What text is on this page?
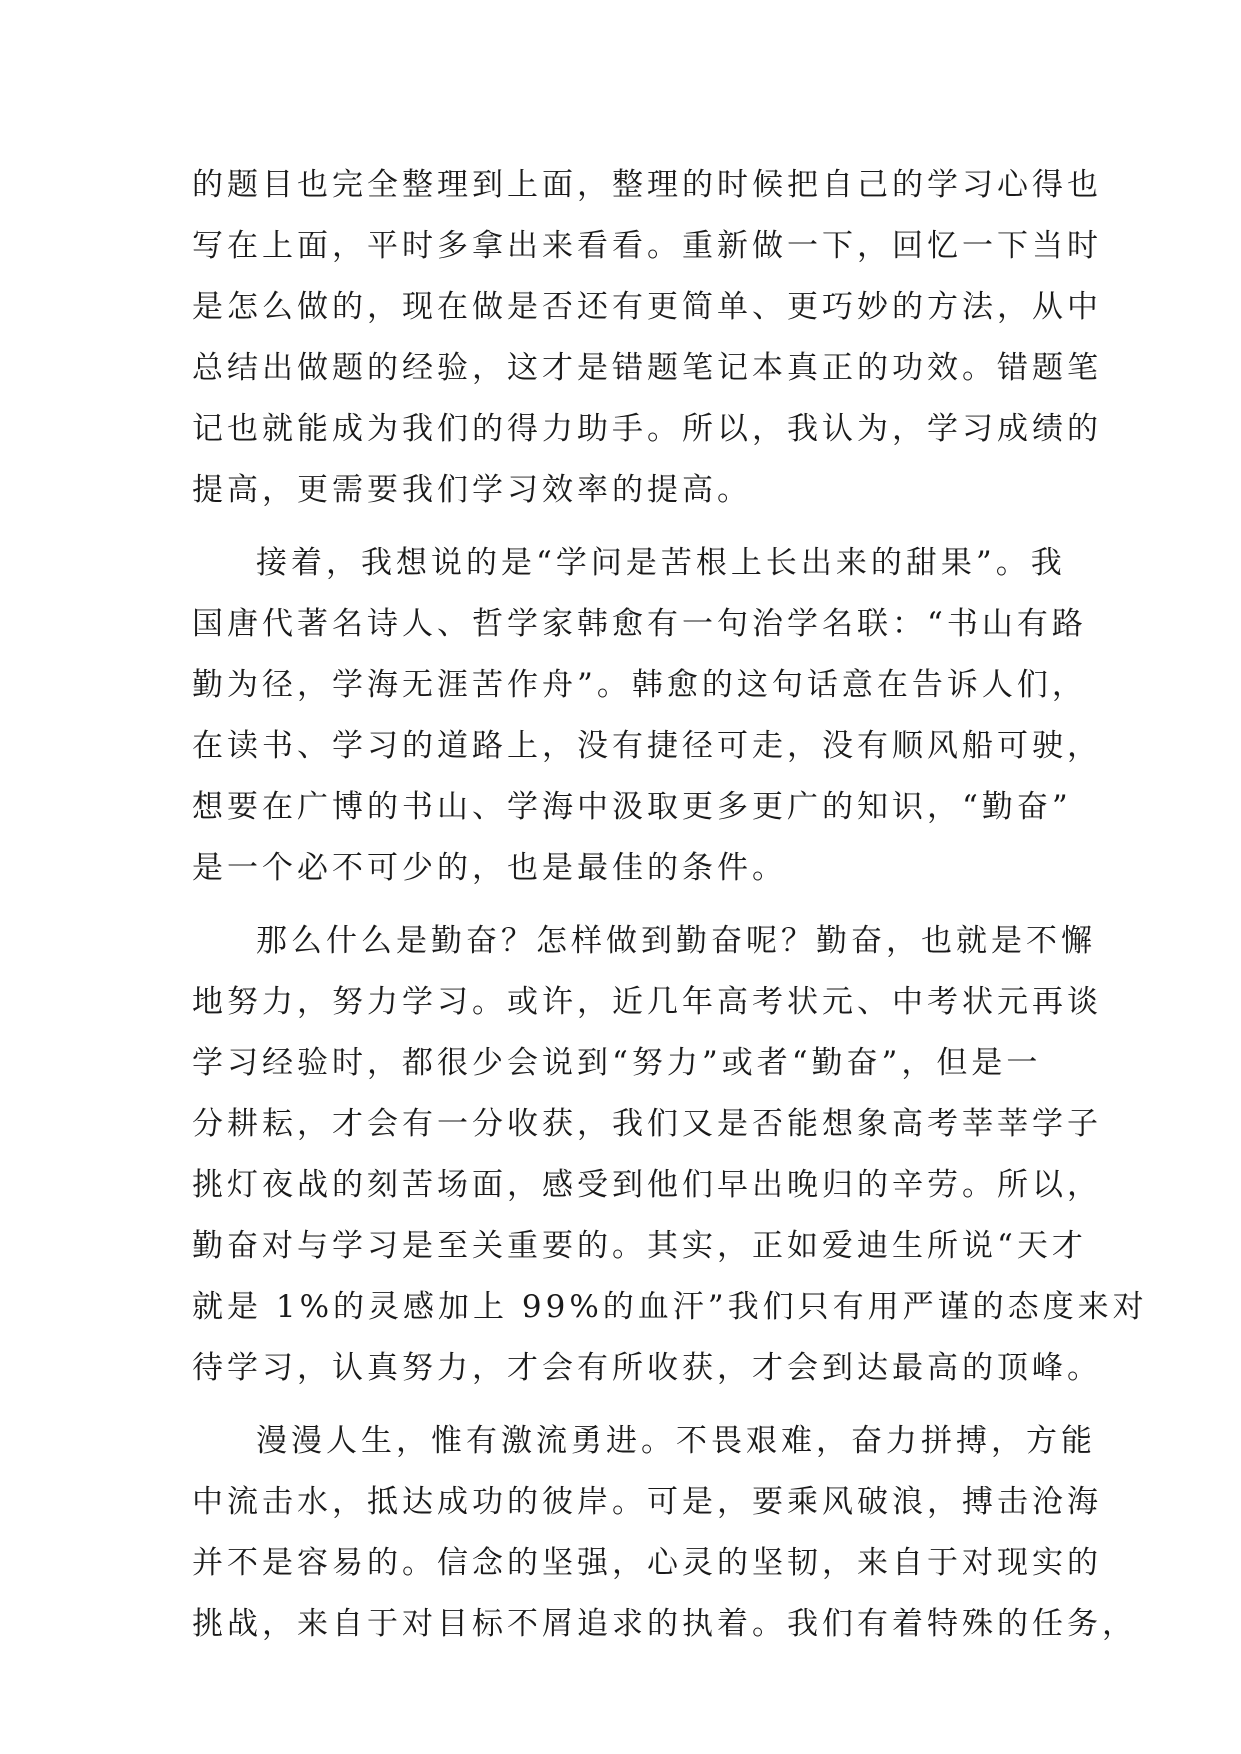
的题目也完全整理到上面，整理的时候把自己的学习心得也
写在上面，平时多拿出来看看。重新做一下，回忆一下当时
是怎么做的，现在做是否还有更简单、更巧妙的方法，从中
总结出做题的经验，这才是错题笔记本真正的功效。错题笔
记也就能成为我们的得力助手。所以，我认为，学习成绩的
提高，更需要我们学习效率的提高。
接着，我想说的是“学问是苦根上长出来的甜果”。我
国唐代著名诗人、哲学家韩愈有一句治学名联：“书山有路
勤为径，学海无涯苦作舟”。韩愈的这句话意在告诉人们，
在读书、学习的道路上，没有捷径可走，没有顺风船可驶，
想要在广博的书山、学海中汲取更多更广的知识，“勤奋”
是一个必不可少的，也是最佳的条件。
那么什么是勤奋？怎样做到勤奋呢？勤奋，也就是不懈
地努力，努力学习。或许，近几年高考状元、中考状元再谈
学习经验时，都很少会说到“努力”或者“勤奋”，但是一
分耕耘，才会有一分收获，我们又是否能想象高考莘莘学子
挑灯夜战的刻苦场面，感受到他们早出晚归的辛劳。所以，
勤奋对与学习是至关重要的。其实，正如爱迪生所说“天才
就是 1%的灵感加上 99%的血汗”我们只有用严谨的态度来对
待学习，认真努力，才会有所收获，才会到达最高的顶峰。
漫漫人生，惟有激流勇进。不畏艰难，奋力拼搏，方能
中流击水，抵达成功的彼岸。可是，要乘风破浪，搏击沧海
并不是容易的。信念的坚强，心灵的坚韧，来自于对现实的
挑战，来自于对目标不屑追求的执着。我们有着特殊的任务，
